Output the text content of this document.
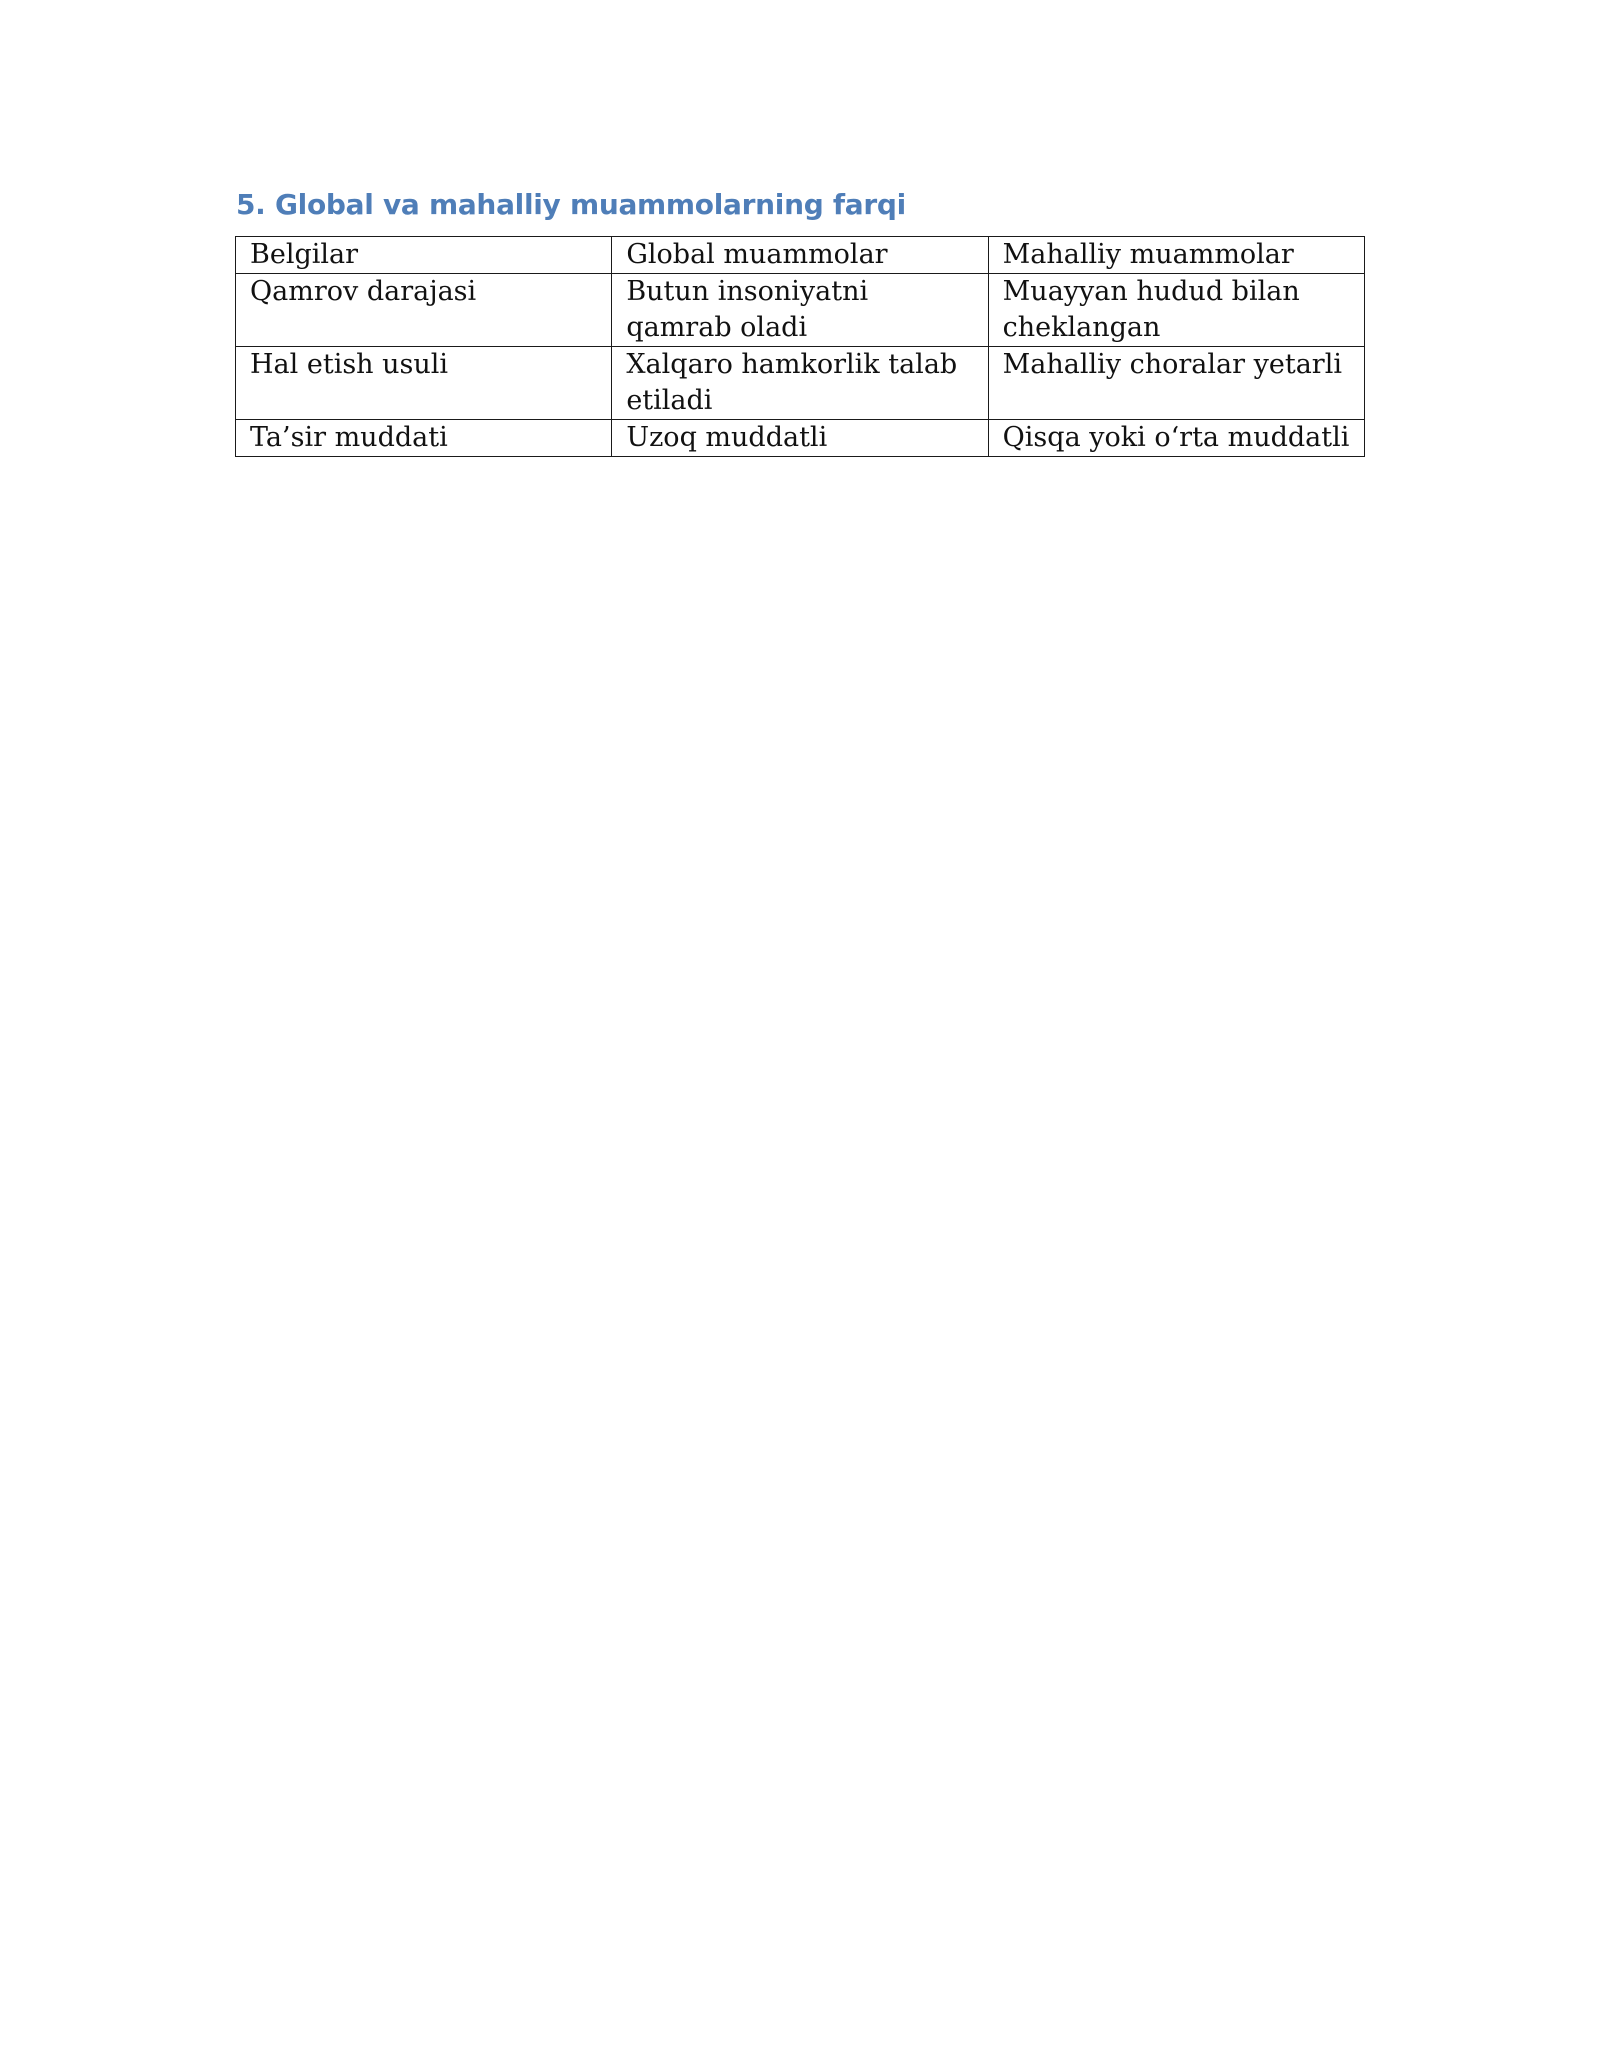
5. Global va mahalliy muammolarning farqi
Belgilar	Global muammolar	Mahalliy muammolar
Qamrov darajasi	Butun insoniyatni qamrab oladi	Muayyan hudud bilan cheklangan
Hal etish usuli	Xalqaro hamkorlik talab etiladi	Mahalliy choralar yetarli
Ta’sir muddati	Uzoq muddatli	Qisqa yoki o‘rta muddatli
